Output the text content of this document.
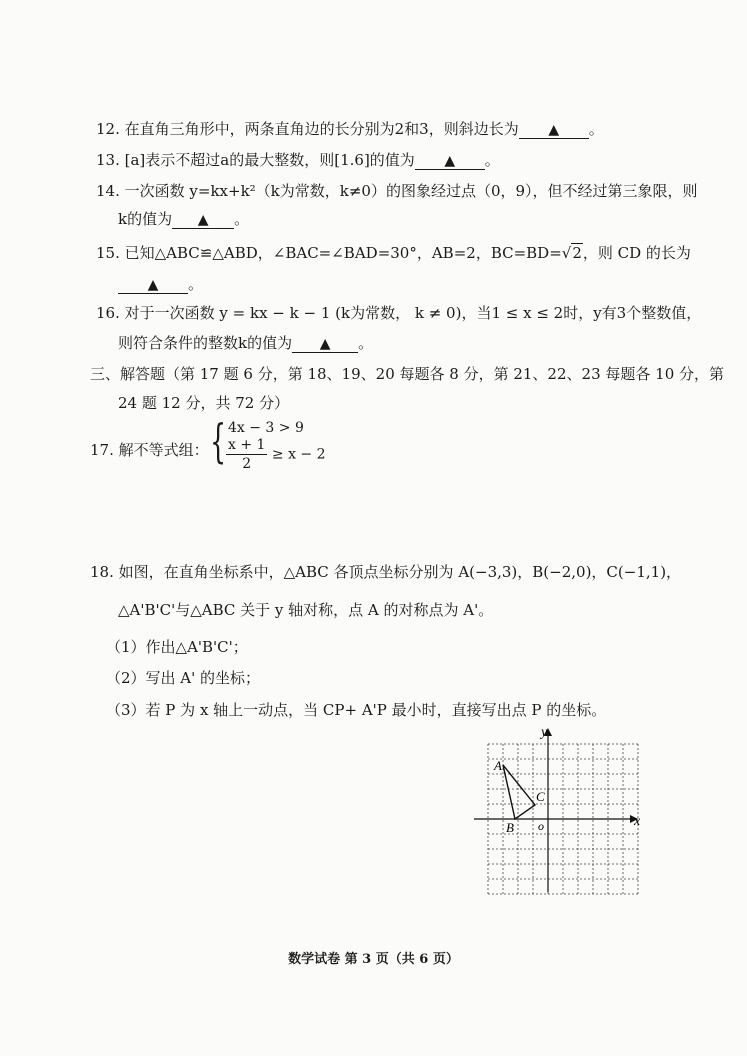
12. 在直角三角形中，两条直角边的长分别为2和3，则斜边长为 ▲ 。
13. [a]表示不超过a的最大整数，则[1.6]的值为 ▲ 。
14. 一次函数 y=kx+k²（k为常数，k≠0）的图象经过点（0，9），但不经过第三象限，则
k的值为 ▲ 。
15. 已知△ABC≌△ABD，∠BAC=∠BAD=30°，AB=2，BC=BD=√2，则 CD 的长为
▲ 。
16. 对于一次函数 y = kx − k − 1 (k为常数， k ≠ 0)，当1 ≤ x ≤ 2时，y有3个整数值，
则符合条件的整数k的值为 ▲ 。
三、解答题（第 17 题 6 分，第 18、19、20 每题各 8 分，第 21、22、23 每题各 10 分，第
24 题 12 分，共 72 分）
17. 解不等式组： { 4x − 3 > 9
$\frac{x + 1}{2} \ge x - 2$
18. 如图，在直角坐标系中，△ABC 各顶点坐标分别为 A(−3,3)，B(−2,0)，C(−1,1)，
△A'B'C'与△ABC 关于 y 轴对称，点 A 的对称点为 A'。
（1）作出△A'B'C'；
（2）写出 A' 的坐标；
（3）若 P 为 x 轴上一动点，当 CP+ A'P 最小时，直接写出点 P 的坐标。
y
x
o
A
B
C
数学试卷 第 3 页（共 6 页）
